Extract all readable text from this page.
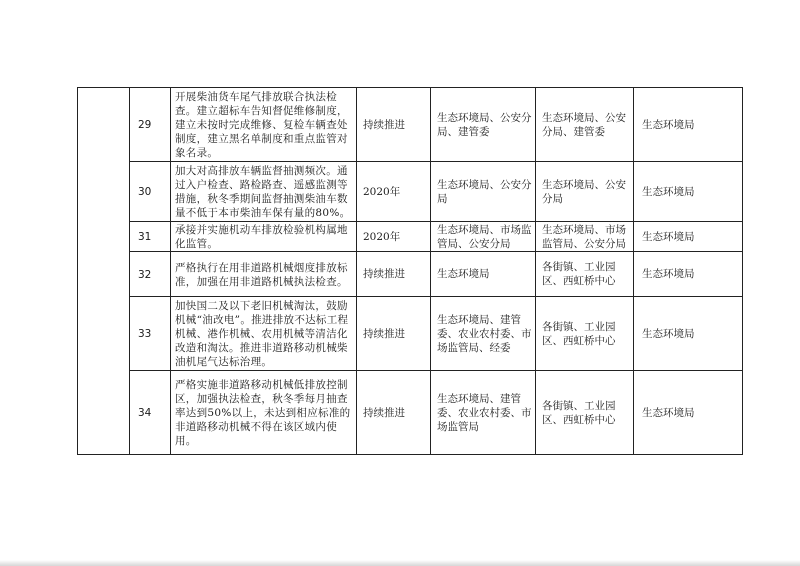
	29	开展柴油货车尾气排放联合执法检查。建立超标车告知督促维修制度，建立未按时完成维修、复检车辆查处制度，建立黑名单制度和重点监管对象名录。	持续推进	生态环境局、公安分局、建管委	生态环境局、公安分局、建管委	生态环境局
	30	加大对高排放车辆监督抽测频次。通过入户检查、路检路查、遥感监测等措施，秋冬季期间监督抽测柴油车数量不低于本市柴油车保有量的80%。	2020年	生态环境局、公安分局	生态环境局、公安分局	生态环境局
	31	承接并实施机动车排放检验机构属地化监管。	2020年	生态环境局、市场监管局、公安分局	生态环境局、市场监管局、公安分局	生态环境局
	32	严格执行在用非道路机械烟度排放标准，加强在用非道路机械执法检查。	持续推进	生态环境局	各街镇、工业园区、西虹桥中心	生态环境局
	33	加快国二及以下老旧机械淘汰，鼓励机械“油改电”。推进排放不达标工程机械、港作机械、农用机械等清洁化改造和淘汰。推进非道路移动机械柴油机尾气达标治理。	持续推进	生态环境局、建管委、农业农村委、市场监管局、经委	各街镇、工业园区、西虹桥中心	生态环境局
	34	严格实施非道路移动机械低排放控制区，加强执法检查，秋冬季每月抽查率达到50%以上，未达到相应标准的非道路移动机械不得在该区域内使用。	持续推进	生态环境局、建管委、农业农村委、市场监管局	各街镇、工业园区、西虹桥中心	生态环境局
